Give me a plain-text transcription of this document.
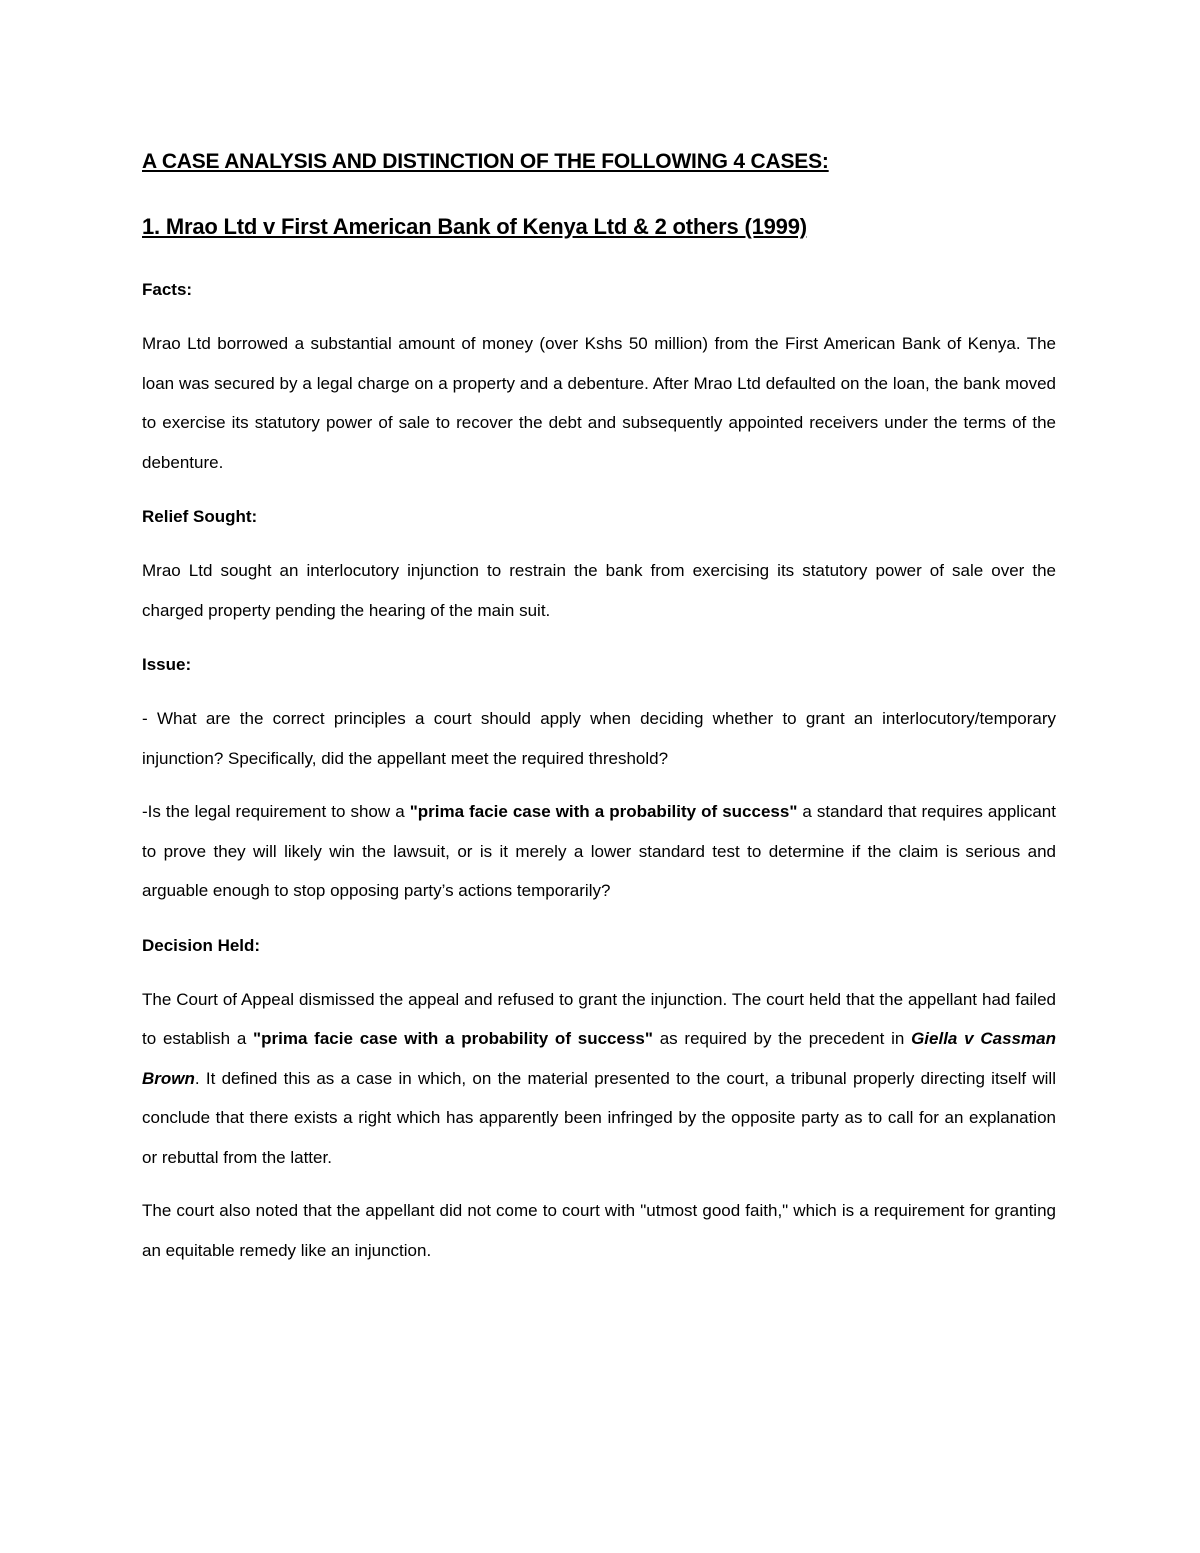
A CASE ANALYSIS AND DISTINCTION OF THE FOLLOWING 4 CASES:
1. Mrao Ltd v First American Bank of Kenya Ltd & 2 others (1999)
Facts:

Mrao Ltd borrowed a substantial amount of money (over Kshs 50 million) from the First American Bank of Kenya. The loan was secured by a legal charge on a property and a debenture. After Mrao Ltd defaulted on the loan, the bank moved to exercise its statutory power of sale to recover the debt and subsequently appointed receivers under the terms of the debenture.

Relief Sought:

Mrao Ltd sought an interlocutory injunction to restrain the bank from exercising its statutory power of sale over the charged property pending the hearing of the main suit.

Issue:

- What are the correct principles a court should apply when deciding whether to grant an interlocutory/temporary injunction? Specifically, did the appellant meet the required threshold?

-Is the legal requirement to show a "prima facie case with a probability of success" a standard that requires applicant to prove they will likely win the lawsuit, or is it merely a lower standard test to determine if the claim is serious and arguable enough to stop opposing party’s actions temporarily?

Decision Held:

The Court of Appeal dismissed the appeal and refused to grant the injunction. The court held that the appellant had failed to establish a "prima facie case with a probability of success" as required by the precedent in Giella v Cassman Brown. It defined this as a case in which, on the material presented to the court, a tribunal properly directing itself will conclude that there exists a right which has apparently been infringed by the opposite party as to call for an explanation or rebuttal from the latter.

The court also noted that the appellant did not come to court with "utmost good faith," which is a requirement for granting an equitable remedy like an injunction.
